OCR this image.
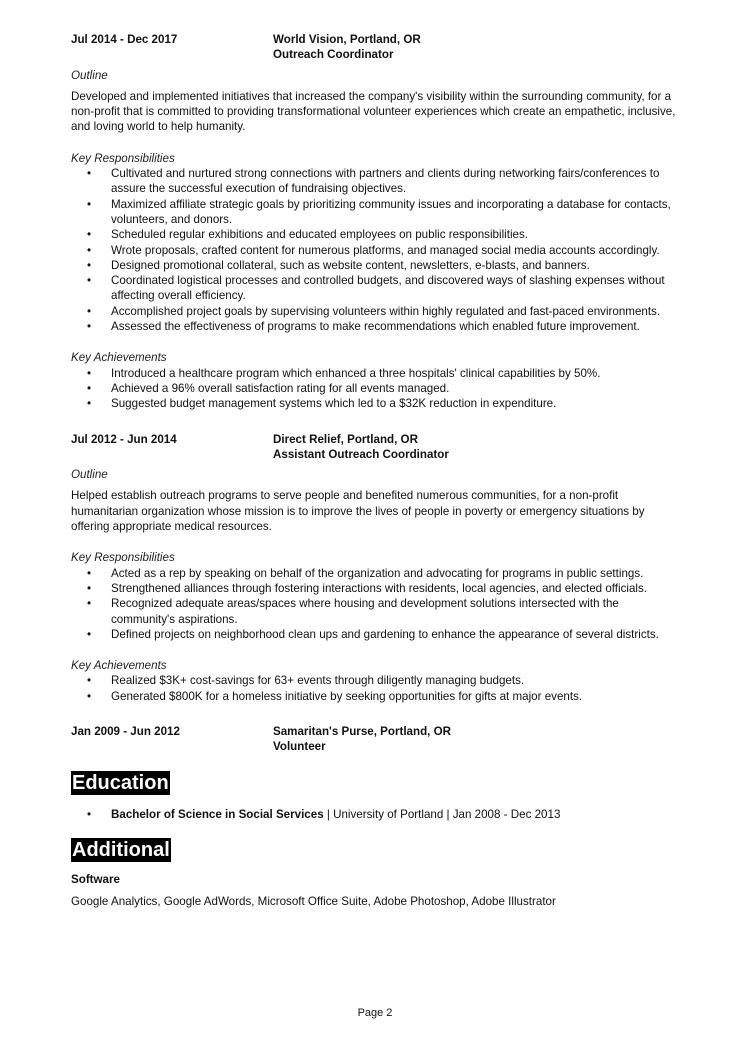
Jul 2014 - Dec 2017	World Vision, Portland, OR
Outreach Coordinator
Outline
Developed and implemented initiatives that increased the company's visibility within the surrounding community, for a non-profit that is committed to providing transformational volunteer experiences which create an empathetic, inclusive, and loving world to help humanity.
Key Responsibilities
• Cultivated and nurtured strong connections with partners and clients during networking fairs/conferences to assure the successful execution of fundraising objectives.
• Maximized affiliate strategic goals by prioritizing community issues and incorporating a database for contacts, volunteers, and donors.
• Scheduled regular exhibitions and educated employees on public responsibilities.
• Wrote proposals, crafted content for numerous platforms, and managed social media accounts accordingly.
• Designed promotional collateral, such as website content, newsletters, e-blasts, and banners.
• Coordinated logistical processes and controlled budgets, and discovered ways of slashing expenses without affecting overall efficiency.
• Accomplished project goals by supervising volunteers within highly regulated and fast-paced environments.
• Assessed the effectiveness of programs to make recommendations which enabled future improvement.
Key Achievements
• Introduced a healthcare program which enhanced a three hospitals' clinical capabilities by 50%.
• Achieved a 96% overall satisfaction rating for all events managed.
• Suggested budget management systems which led to a $32K reduction in expenditure.
Jul 2012 - Jun 2014	Direct Relief, Portland, OR
Assistant Outreach Coordinator
Outline
Helped establish outreach programs to serve people and benefited numerous communities, for a non-profit humanitarian organization whose mission is to improve the lives of people in poverty or emergency situations by offering appropriate medical resources.
Key Responsibilities
• Acted as a rep by speaking on behalf of the organization and advocating for programs in public settings.
• Strengthened alliances through fostering interactions with residents, local agencies, and elected officials.
• Recognized adequate areas/spaces where housing and development solutions intersected with the community's aspirations.
• Defined projects on neighborhood clean ups and gardening to enhance the appearance of several districts.
Key Achievements
• Realized $3K+ cost-savings for 63+ events through diligently managing budgets.
• Generated $800K for a homeless initiative by seeking opportunities for gifts at major events.
Jan 2009 - Jun 2012	Samaritan's Purse, Portland, OR
Volunteer
Education
• Bachelor of Science in Social Services | University of Portland | Jan 2008 - Dec 2013
Additional
Software
Google Analytics, Google AdWords, Microsoft Office Suite, Adobe Photoshop, Adobe Illustrator
Page 2
